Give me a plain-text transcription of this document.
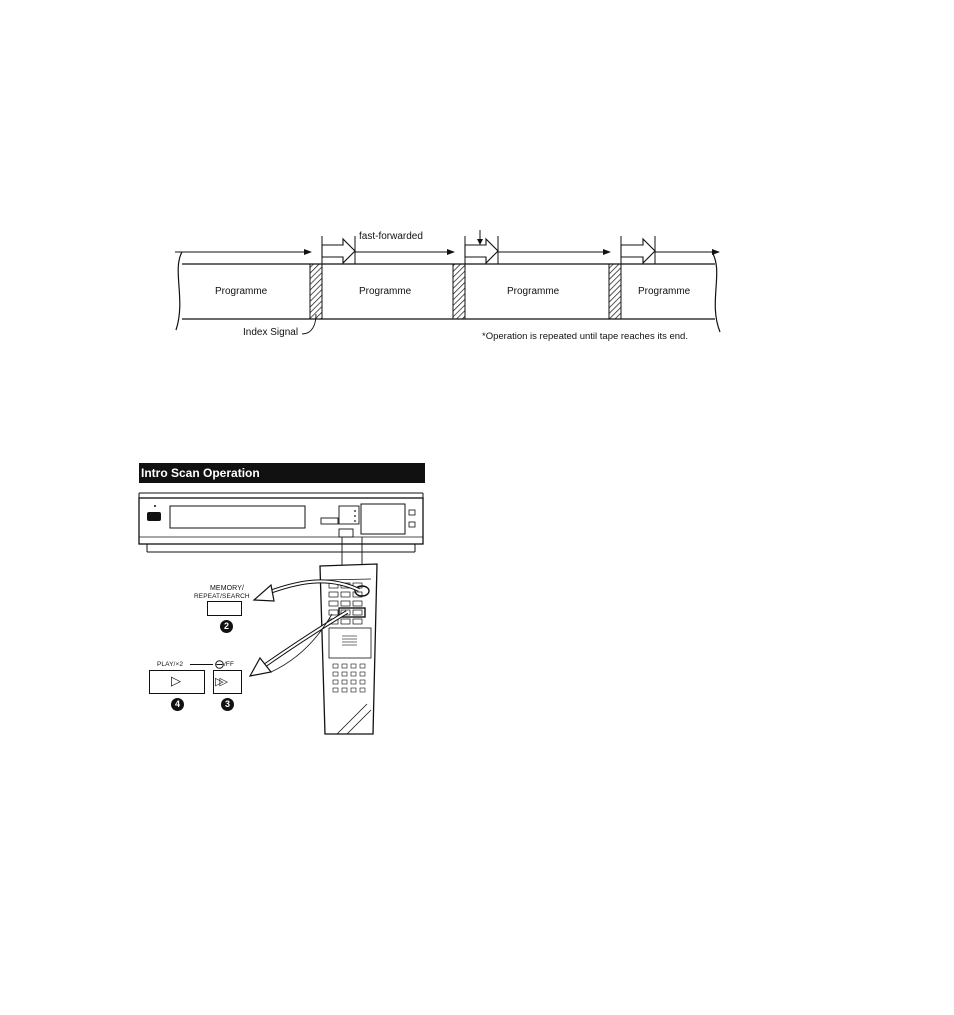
fast-forwarded
Programme	Programme	Programme	Programme
Index Signal	*Operation is repeated until tape reaches its end.
Intro Scan Operation
MEMORY/
REPEAT/SEARCH
2
PLAY/×2	/FF
▷	▷▷
4	3
